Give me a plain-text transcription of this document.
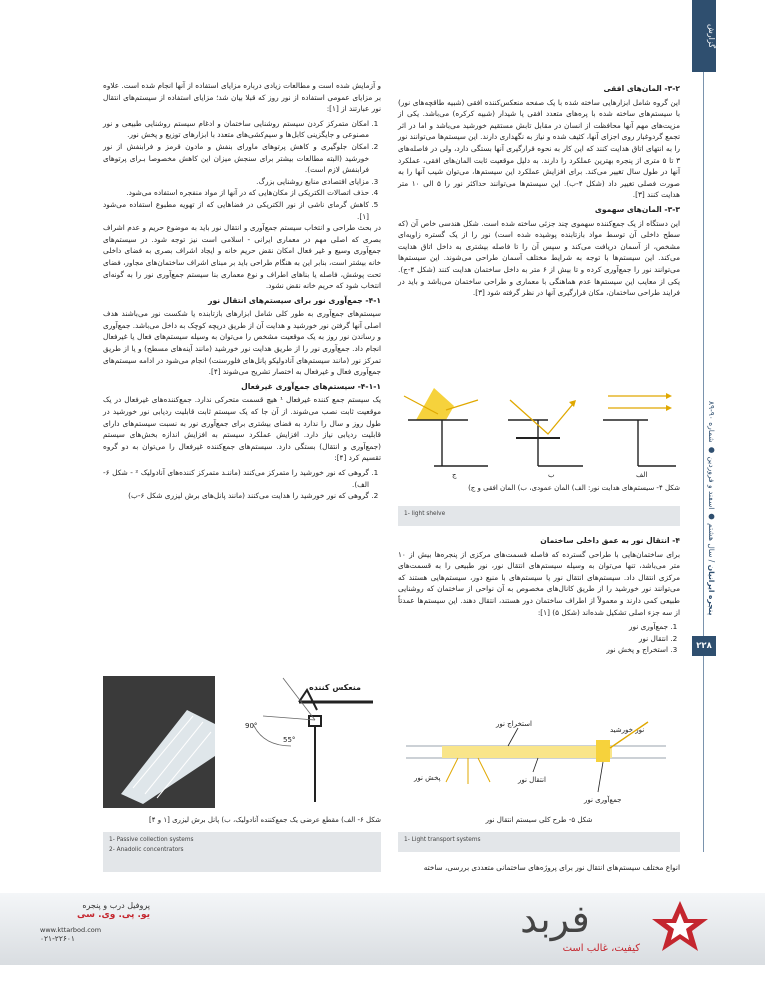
گزارش
پنجره ایرانیان / سال هشتم ● اسفند و فروردین ● شماره ۹۰-۸۹
۲۲۸
۳-۲- المان‌های افقی

این گروه شامل ابزارهایی ساخته شده با یک صفحه منعکس‌کننده افقی (شبیه طاقچه‌های نور) با سیستم‌های ساخته شده با پره‌های متعدد افقی یا شیدار (شبیه کرکره) می‌باشد. یکی از مزیت‌های مهم آنها محافظت از انسان در مقابل تابش مستقیم خورشید می‌باشد و اما در اثر تجمع گردوغبار روی اجزای آنها، کثیف شده و نیاز به نگهداری دارند. این سیستم‌ها می‌توانند نور را به انتهای اتاق هدایت کنند که این کار به نحوه قرارگیری آنها بستگی دارد، ولی در فاصله‌های ۳ تا ۵ متری از پنجره بهترین عملکرد را دارند. به دلیل موقعیت ثابت المان‌های افقی، عملکرد آنها در طول سال تغییر می‌کند. برای افزایش عملکرد این سیستم‌ها، می‌توان شیب آنها را به صورت فصلی تغییر داد (شکل ۴-ب). این سیستم‌ها می‌توانند حداکثر نور را ۵ الی ۱۰ متر هدایت کنند [۳].

۳-۳- المان‌های سهموی

این دستگاه از یک جمع‌کننده سهموی چند جزئی ساخته شده است. شکل هندسی خاص آن (که سطح داخلی آن توسط مواد بازتابنده پوشیده شده است) نور را از یک گستره زاویه‌ای مشخص، از آسمان دریافت می‌کند و سپس آن را تا فاصله بیشتری به داخل اتاق هدایت می‌کند. این سیستم‌ها با توجه به شرایط مختلف آسمان طراحی می‌شوند. این سیستم‌ها می‌توانند نور را جمع‌آوری کرده و تا بیش از ۶ متر به داخل ساختمان هدایت کنند (شکل ۴-ج). یکی از معایب این سیستم‌ها عدم هماهنگی با معماری و طراحی ساختمان می‌باشد و باید در فرایند طراحی ساختمان، مکان قرارگیری آنها در نظر گرفته شود [۳].

الف
ب
ج
شکل ۴- سیستم‌های هدایت نور: الف) المان عمودی، ب) المان افقی و ج)
1- light shelve
۴- انتقال نور به عمق داخلی ساختمان

برای ساختمان‌هایی با طراحی گسترده که فاصله قسمت‌های مرکزی از پنجره‌ها بیش از ۱۰ متر می‌باشد، تنها می‌توان به وسیله سیستم‌های انتقال نور، نور طبیعی را به قسمت‌های مرکزی انتقال داد. سیستم‌های انتقال نور یا سیستم‌های با منبع دور، سیستم‌هایی هستند که می‌توانند نور خورشید را از طریق کانال‌های مخصوص به آن نواحی از ساختمان که روشنایی طبیعی کمی دارند و معمولاً از اطراف ساختمان دور هستند، انتقال دهند. این سیستم‌ها عمدتاً از سه جزء اصلی تشکیل شده‌اند (شکل ۵) [۱]:

1. جمع‌آوری نور
2. انتقال نور
3. استخراج و پخش نور
استخراج نور
نور خورشید
پخش نور	انتقال نور
جمع‌آوری نور
شکل ۵- طرح کلی سیستم انتقال نور
1- Light transport systems

انواع مختلف سیستم‌های انتقال نور برای پروژه‌های ساختمانی متعددی بررسی، ساخته

و آزمایش شده است و مطالعات زیادی درباره مزایای استفاده از آنها انجام شده است. علاوه بر مزایای عمومی استفاده از نور روز که قبلا بیان شد؛ مزایای استفاده از سیستم‌های انتقال نور عبارتند از [۱]:

1. امکان متمرکز کردن سیستم روشنایی ساختمان و ادغام سیستم روشنایی طبیعی و نور مصنوعی و جایگزینی کابل‌ها و سیم‌کشی‌های متعدد با ابزارهای توزیع و پخش نور.
2. امکان جلوگیری و کاهش پرتوهای ماورای بنفش و مادون قرمز و فرابنفش از نور خورشید (البته مطالعات بیشتر برای سنجش میزان این کاهش مخصوصا بـرای پرتوهای فرابنفش لازم است).
3. مزایای اقتصادی منابع روشنایی بزرگ.
4. حذف اتصالات الکتریکی از مکان‌هایی که در آنها از مواد منفجره استفاده می‌شود.
5. کاهش گرمای ناشی از نور الکتریکی در فضاهایی که از تهویه مطبوع استفاده می‌شود [۱].

در بحث طراحی و انتخاب سیستم جمع‌آوری و انتقال نور باید به موضوع حریم و عدم اشراف بصری که اصلی مهم در معماری ایرانی - اسلامی است نیز توجه شود. در سیستم‌های جمع‌آوری وسیع و غیر فعال امکان نقض حریم خانه و ایجاد اشراف بصری به فضای داخلی خانه بیشتر است، بنابر این به هنگام طراحی باید بر مبنای اشراف ساختمان‌های مجاور، فضای تحت پوشش، فاصله یا بناهای اطراف و نوع معماری بنا سیستم جمع‌آوری نور را به گونه‌ای انتخاب شود که حریم خانه نقض نشود.

۴-۱- جمع‌آوری نور برای سیستم‌های انتقال نور

سیستم‌های جمع‌آوری به طور کلی شامل ابزارهای بازتابنده یا شکست نور می‌باشند هدف اصلی آنها گرفتن نور خورشید و هدایت آن از طریق دریچه کوچک به داخل می‌باشد. جمع‌آوری و رساندن نور روز به یک موقعیت مشخص را می‌توان به وسیله سیستم‌های فعال یا غیرفعال انجام داد. جمع‌آوری نور را از طریق هدایت نور خورشید (مانند آینه‌های مسطح) و یا از طریق تمرکز نور (مانند سیستم‌های آنادولیکو پانل‌های فلورسنت) انجام می‌شود در ادامه سیستم‌های جمع‌آوری فعال و غیرفعال به اختصار تشریح می‌شوند [۴].

۴-۱-۱- سیستم‌های جمع‌آوری غیرفعال

یک سیستم جمع کننده غیرفعال ¹ هیچ قسمت متحرکی ندارد. جمع‌کننده‌های غیرفعال در یک موقعیت ثابت نصب می‌شوند. از آن جا که یک سیستم ثابت قابلیت ردیابی نور خورشید در طول روز و سال را ندارد به فضای بیشتری برای جمع‌آوری نور به نسبت سیستم‌های دارای قابلیت ردیابی نیاز دارد. افزایش عملکرد سیستم به افزایش اندازه بخش‌های سیستم (جمع‌آوری و انتقال) بستگی دارد. سیستم‌های جمع‌کننده غیرفعال را می‌توان به دو گروه تقسیم کرد [۴]:

1. گروهی که نور خورشید را متمرکز می‌کنند (ماننـد متمرکز کننده‌های آنادولیک ² - شکل ۶-الف).
2. گروهی که نور خورشید را هدایت می‌کنند (مانند پانل‌های برش لیزری شکل ۶-ب)
منعکس کننده
90°
55°
شکل ۶- الف) مقطع عرضی یک جمع‌کننده آنادولیک، ب) پانل برش لیزری [۱ و ۴]
1- Passive collection systems
2- Anadolic concentrators
فربد
کیفیت، غالب است
پروفیل درب و پنجره
یو. پی. وی. سی
www.kttarbod.com
۰۲۱-۲۲۶۰۱
